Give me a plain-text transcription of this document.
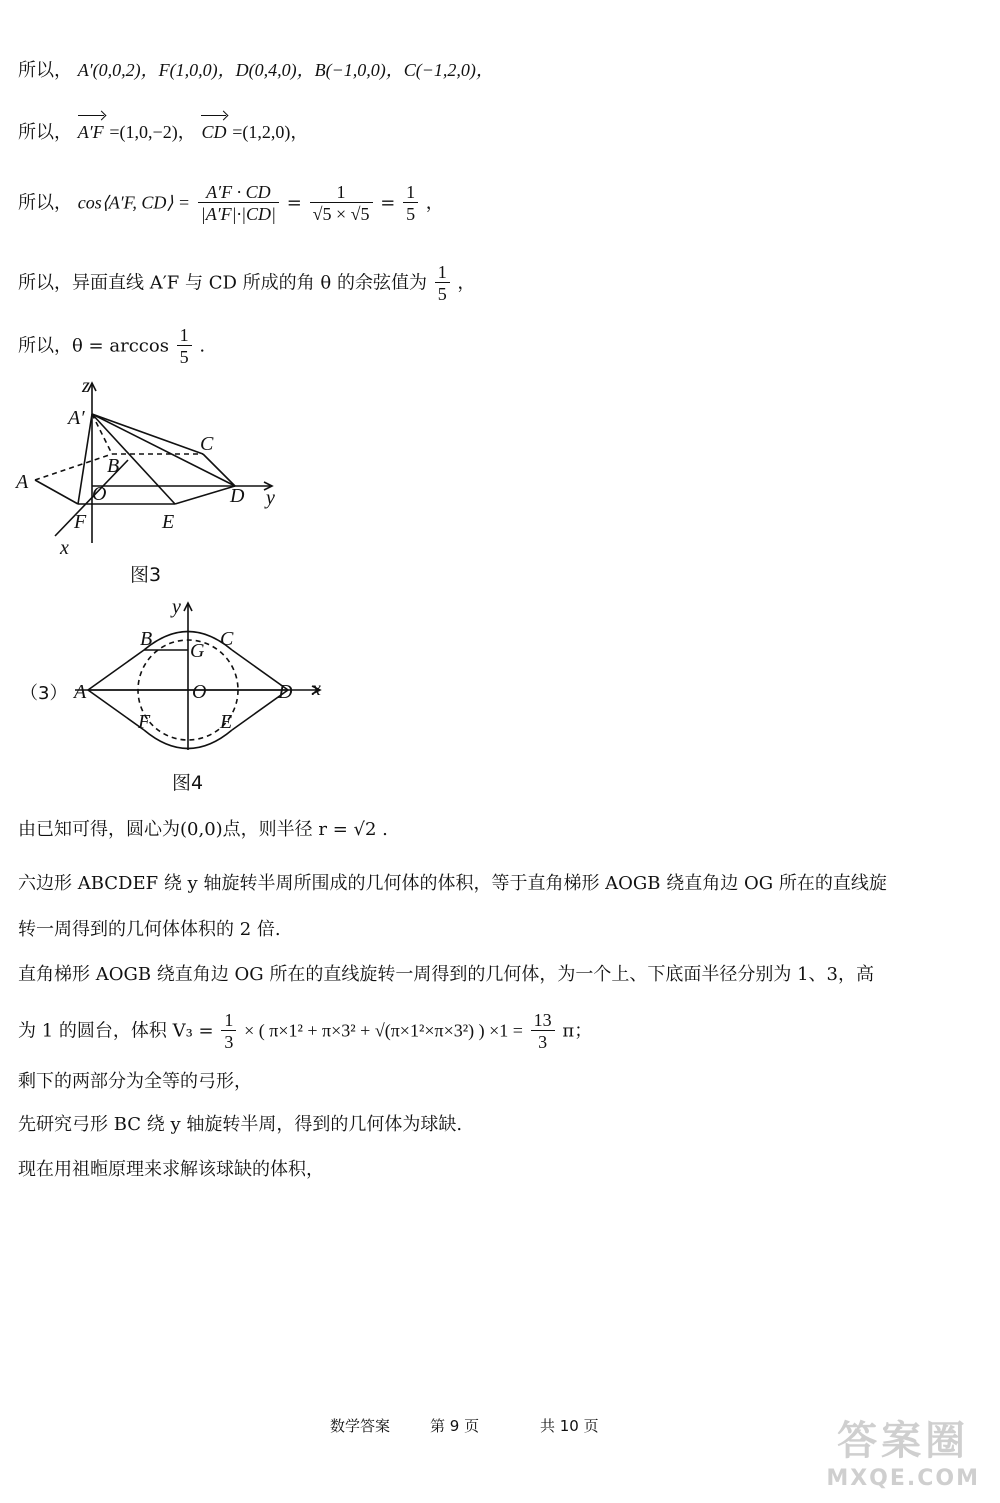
所以， A′(0,0,2)，F(1,0,0)，D(0,4,0)，B(−1,0,0)，C(−1,2,0)，
所以， A′F =(1,0,−2)， CD =(1,2,0)，
所以， cos⟨A′F, CD⟩ = $\frac{A'F \cdot CD}{|A'F|\cdot|CD|} = \frac{1}{√5 \times √5} = \frac{1}{5}$ ，
所以，异面直线 A′F 与 CD 所成的角 θ 的余弦值为 $\frac{1}{5}$ ，
所以，$\theta = \arccos \frac{1}{5}$ .
z
A′
C
B
A
O	D y
F	E
x
图3
y
B	C
G
A	O	D x
F	E
（3）
图4
由已知可得，圆心为(0,0)点，则半径 r = √2 .
六边形 ABCDEF 绕 y 轴旋转半周所围成的几何体的体积，等于直角梯形 AOGB 绕直角边 OG 所在的直线旋
转一周得到的几何体体积的 2 倍.
直角梯形 AOGB 绕直角边 OG 所在的直线旋转一周得到的几何体，为一个上、下底面半径分别为 1、3，高
为 1 的圆台，体积 $V_3 = \frac{1}{3}$ × ( π×1² + π×3² + √(π×1²×π×3²) ) $\times 1 = \frac{13}{3}$ π；
剩下的两部分为全等的弓形，
先研究弓形 BC 绕 y 轴旋转半周，得到的几何体为球缺.
现在用祖暅原理来求解该球缺的体积，
数学答案	第 9 页	共 10 页	答案圈
MXQE.COM
